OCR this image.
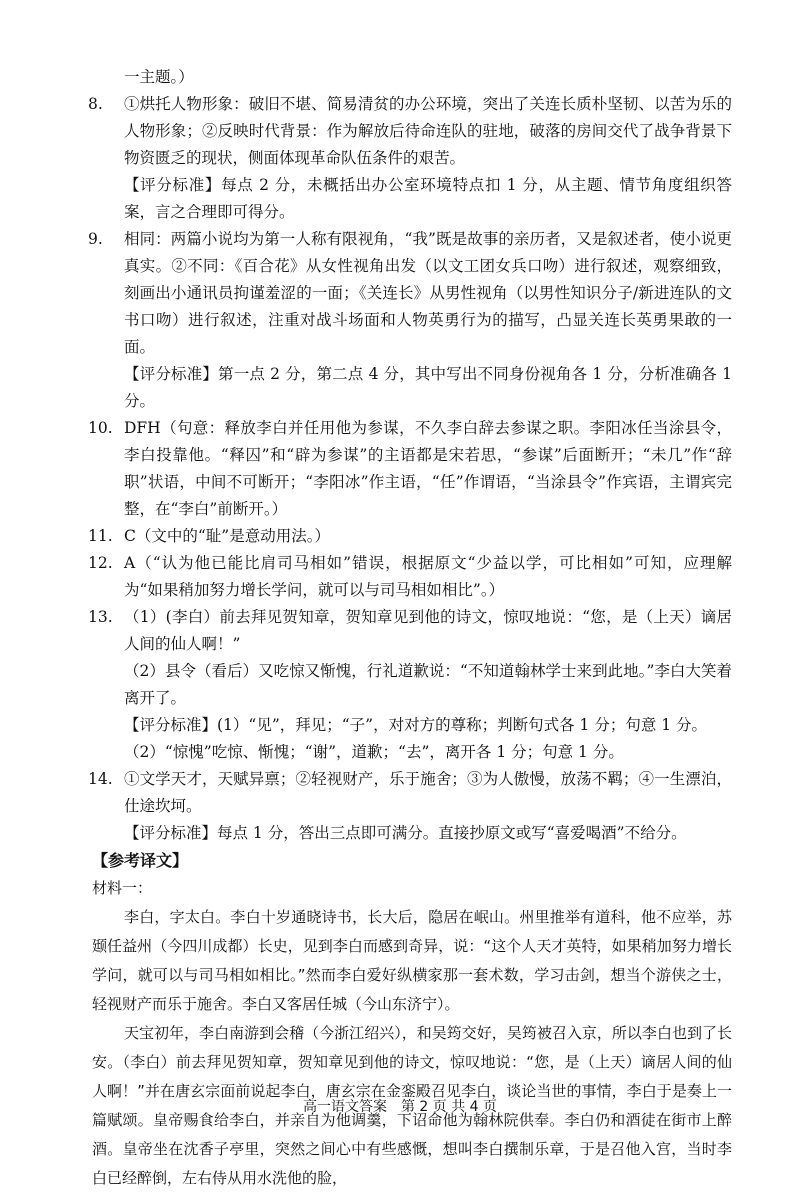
一主题。）

8.	①烘托人物形象：破旧不堪、简易清贫的办公环境，突出了关连长质朴坚韧、以苦为乐的人物形象；②反映时代背景：作为解放后待命连队的驻地，破落的房间交代了战争背景下物资匮乏的现状，侧面体现革命队伍条件的艰苦。

【评分标准】每点 2 分，未概括出办公室环境特点扣 1 分，从主题、情节角度组织答案，言之合理即可得分。

9.	相同：两篇小说均为第一人称有限视角，“我”既是故事的亲历者，又是叙述者，使小说更真实。②不同：《百合花》从女性视角出发（以文工团女兵口吻）进行叙述，观察细致，刻画出小通讯员拘谨羞涩的一面；《关连长》从男性视角（以男性知识分子/新进连队的文书口吻）进行叙述，注重对战斗场面和人物英勇行为的描写，凸显关连长英勇果敢的一面。

【评分标准】第一点 2 分，第二点 4 分，其中写出不同身份视角各 1 分，分析准确各 1 分。

10. DFH（句意：释放李白并任用他为参谋，不久李白辞去参谋之职。李阳冰任当涂县令，李白投靠他。“释囚”和“辟为参谋”的主语都是宋若思，“参谋”后面断开；“未几”作“辞职”状语，中间不可断开；“李阳冰”作主语，“任”作谓语，“当涂县令”作宾语，主谓宾完整，在“李白”前断开。）

11. C（文中的“耻”是意动用法。）

12. A（“认为他已能比肩司马相如”错误，根据原文“少益以学，可比相如”可知，应理解为“如果稍加努力增长学问，就可以与司马相如相比”。）

13. （1）(李白）前去拜见贺知章，贺知章见到他的诗文，惊叹地说：“您，是（上天）谪居人间的仙人啊！”

（2）县令（看后）又吃惊又惭愧，行礼道歉说：“不知道翰林学士来到此地。”李白大笑着离开了。

【评分标准】(1）“见”，拜见；“子”，对对方的尊称；判断句式各 1 分；句意 1 分。

（2）“惊愧”吃惊、惭愧；“谢”，道歉；“去”，离开各 1 分；句意 1 分。

14. ①文学天才，天赋异禀；②轻视财产，乐于施舍；③为人傲慢，放荡不羁；④一生漂泊，仕途坎坷。

【评分标准】每点 1 分，答出三点即可满分。直接抄原文或写“喜爱喝酒”不给分。

【参考译文】

材料一：

李白，字太白。李白十岁通晓诗书，长大后，隐居在岷山。州里推举有道科，他不应举，苏颋任益州（今四川成都）长史，见到李白而感到奇异，说：“这个人天才英特，如果稍加努力增长学问，就可以与司马相如相比。”然而李白爱好纵横家那一套术数，学习击剑，想当个游侠之士，轻视财产而乐于施舍。李白又客居任城（今山东济宁）。

天宝初年，李白南游到会稽（今浙江绍兴），和吴筠交好，吴筠被召入京，所以李白也到了长安。（李白）前去拜见贺知章，贺知章见到他的诗文，惊叹地说：“您，是（上天）谪居人间的仙人啊！”并在唐玄宗面前说起李白，唐玄宗在金銮殿召见李白，谈论当世的事情，李白于是奏上一篇赋颂。皇帝赐食给李白，并亲自为他调羹，下诏命他为翰林院供奉。李白仍和酒徒在街市上醉酒。皇帝坐在沈香子亭里，突然之间心中有些感慨，想叫李白撰制乐章，于是召他入宫，当时李白已经醉倒，左右侍从用水洗他的脸，

高一语文答案　第 2 页 共 4 页
